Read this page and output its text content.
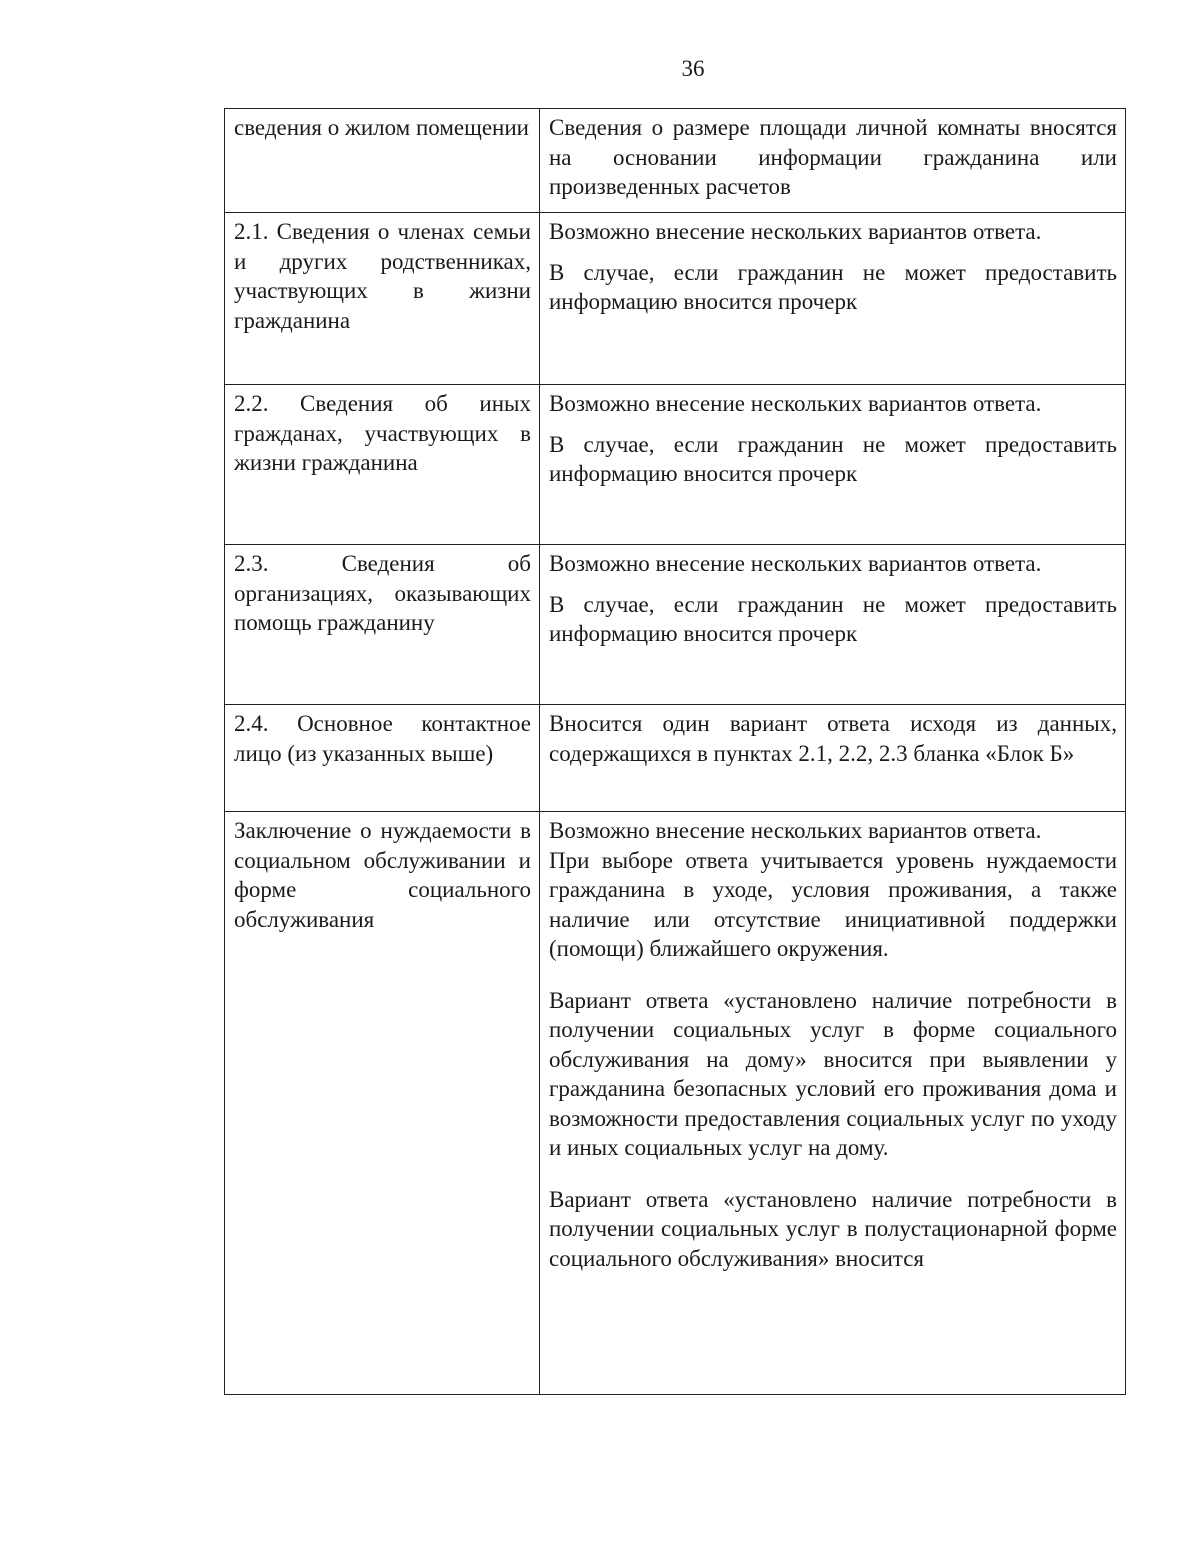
36

сведения о жилом помещении	Сведения о размере площади личной комнаты вносятся на основании информации гражданина или произведенных расчетов

2.1. Сведения о членах семьи и других родственниках, участвующих в жизни гражданина	Возможно внесение нескольких вариантов ответа.

В случае, если гражданин не может предоставить информацию вносится прочерк

2.2. Сведения об иных гражданах, участвующих в жизни гражданина	Возможно внесение нескольких вариантов ответа.

В случае, если гражданин не может предоставить информацию вносится прочерк

2.3. Сведения об организациях, оказывающих помощь гражданину	Возможно внесение нескольких вариантов ответа.

В случае, если гражданин не может предоставить информацию вносится прочерк

2.4. Основное контактное лицо (из указанных выше)	Вносится один вариант ответа исходя из данных, содержащихся в пунктах 2.1, 2.2, 2.3 бланка «Блок Б»

Заключение о нуждаемости в социальном обслуживании и форме социального обслуживания	Возможно внесение нескольких вариантов ответа.

При выборе ответа учитывается уровень нуждаемости гражданина в уходе, условия проживания, а также наличие или отсутствие инициативной поддержки (помощи) ближайшего окружения.

Вариант ответа «установлено наличие потребности в получении социальных услуг в форме социального обслуживания на дому» вносится при выявлении у гражданина безопасных условий его проживания дома и возможности предоставления социальных услуг по уходу и иных социальных услуг на дому.

Вариант ответа «установлено наличие потребности в получении социальных услуг в полустационарной форме социального обслуживания» вносится
